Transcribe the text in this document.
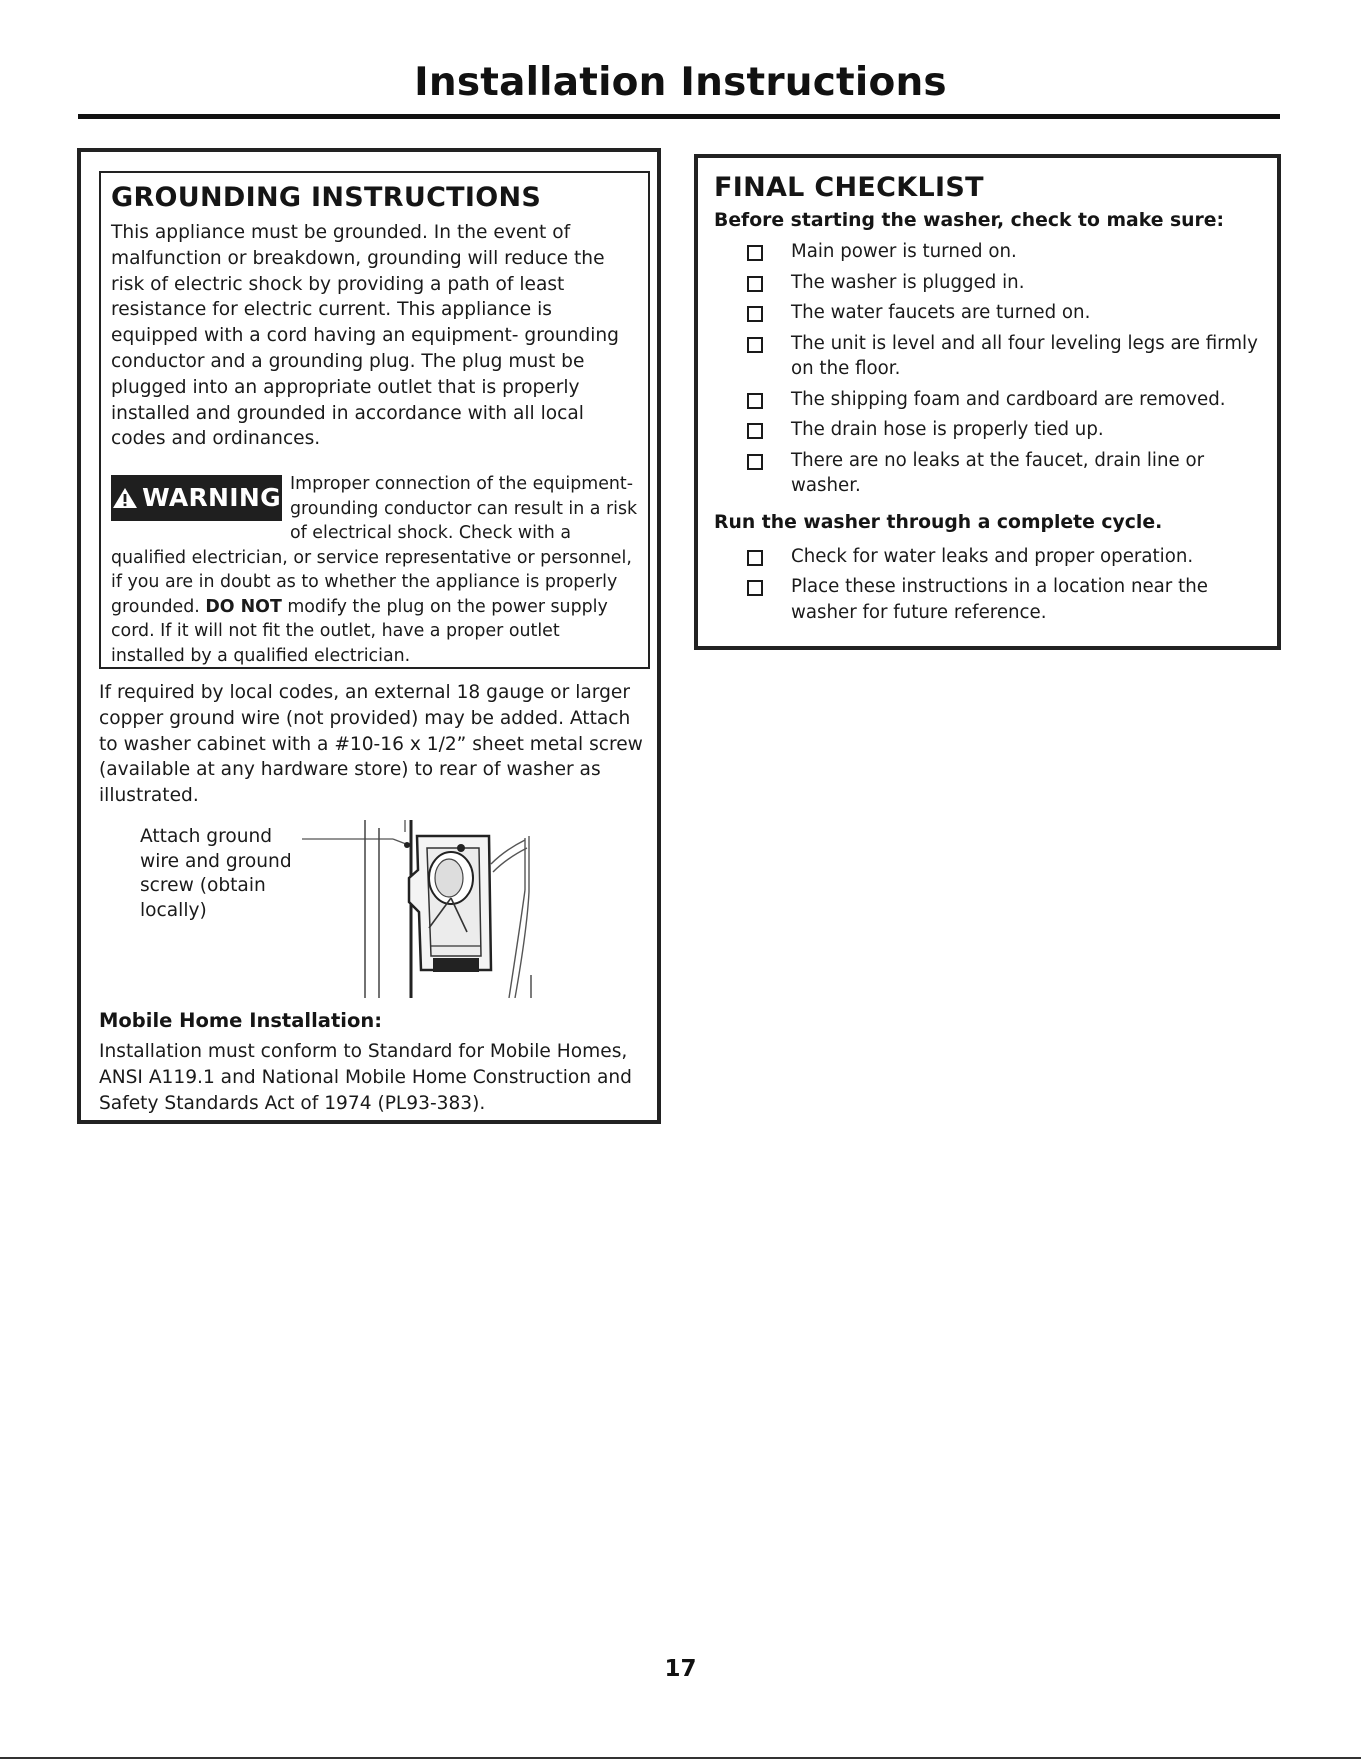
Installation Instructions
GROUNDING INSTRUCTIONS

This appliance must be grounded. In the event of malfunction or breakdown, grounding will reduce the risk of electric shock by providing a path of least resistance for electric current. This appliance is equipped with a cord having an equipment- grounding conductor and a grounding plug. The plug must be plugged into an appropriate outlet that is properly installed and grounded in accordance with all local codes and ordinances.

WARNING Improper connection of the equipment-grounding conductor can result in a risk of electrical shock. Check with a qualified electrician, or service representative or personnel, if you are in doubt as to whether the appliance is properly grounded. DO NOT modify the plug on the power supply cord. If it will not fit the outlet, have a proper outlet installed by a qualified electrician.

If required by local codes, an external 18 gauge or larger copper ground wire (not provided) may be added. Attach to washer cabinet with a #10-16 x 1/2” sheet metal screw (available at any hardware store) to rear of washer as illustrated.

Attach ground wire and ground screw (obtain locally)
Mobile Home Installation:

Installation must conform to Standard for Mobile Homes, ANSI A119.1 and National Mobile Home Construction and Safety Standards Act of 1974 (PL93-383).

FINAL CHECKLIST
Before starting the washer, check to make sure:
Main power is turned on.
The washer is plugged in.
The water faucets are turned on.
The unit is level and all four leveling legs are firmly on the floor.
The shipping foam and cardboard are removed.
The drain hose is properly tied up.
There are no leaks at the faucet, drain line or washer.
Run the washer through a complete cycle.
Check for water leaks and proper operation.
Place these instructions in a location near the washer for future reference.
17
